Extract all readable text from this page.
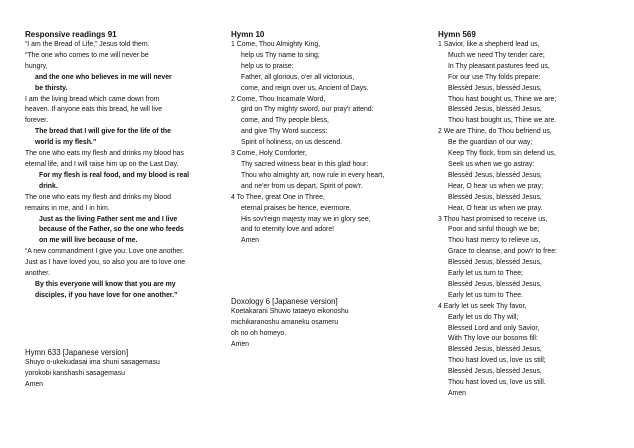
Responsive readings 91
“I am the Bread of Life,” Jesus told them.
“The one who comes to me will never be
hungry,
and the one who believes in me will never
be thirsty.
I am the living bread which came down from
heaven. If anyone eats this bread, he will live
forever.
The bread that I will give for the life of the
world is my flesh.”
The one who eats my flesh and drinks my blood has
eternal life, and I will raise him up on the Last Day.
For my flesh is real food, and my blood is real
drink.
The one who eats my flesh and drinks my blood
remains in me, and I in him.
Just as the living Father sent me and I live
because of the Father, so the one who feeds
on me will live because of me.
“A new commandment I give you: Love one another.
Just as I have loved you, so also you are to love one
another.
By this everyone will know that you are my
disciples, if you have love for one another.”
Hymn 633 [Japanese version]
Shuyo o-ukekudasai ima shuni sasagemasu
yorokobi kanshashi sasagemasu
Amen
Hymn 10
1 Come, Thou Almighty King,
help us Thy name to sing;
help us to praise:
Father, all glorious, o'er all victorious,
come, and reign over us, Ancient of Days.
2 Come, Thou Incarnate Word,
gird on Thy mighty sword, our pray'r attend:
come, and Thy people bless,
and give Thy Word success:
Spirit of holiness, on us descend.
3 Come, Holy Comforter,
Thy sacred witness bear in this glad hour:
Thou who almighty art, now rule in every heart,
and ne'er from us depart, Spirit of pow'r.
4 To Thee, great One in Three,
eternal praises be hence, evermore.
His sov'reign majesty may we in glory see,
and to eternity love and adore!
Amen
Doxology 6 [Japanese version]
Koetakarani Shuwo tataeyo eikonoshu
michikaranoshu amaneku osameru
oh no oh homeyo.
Amen
Hymn 569
1 Savior, like a shepherd lead us,
Much we need Thy tender care;
In Thy pleasant pastures feed us,
For our use Thy folds prepare:
Blessèd Jesus, blessèd Jesus,
Thou hast bought us, Thine we are;
Blessèd Jesus, blessèd Jesus,
Thou hast bought us, Thine we are.
2 We are Thine, do Thou befriend us,
Be the guardian of our way;
Keep Thy flock, from sin defend us,
Seek us when we go astray:
Blessèd Jesus, blessèd Jesus,
Hear, O hear us when we pray;
Blessèd Jesus, blessèd Jesus,
Hear, O hear us when we pray.
3 Thou hast promised to receive us,
Poor and sinful though we be;
Thou hast mercy to relieve us,
Grace to cleanse, and pow'r to free:
Blessèd Jesus, blessèd Jesus,
Early let us turn to Thee;
Blessèd Jesus, blessèd Jesus,
Early let us turn to Thee.
4 Early let us seek Thy favor,
Early let us do Thy will;
Blessed Lord and only Savior,
With Thy love our bosoms fill:
Blessèd Jesus, blessèd Jesus,
Thou hast loved us, love us still;
Blessèd Jesus, blessèd Jesus,
Thou hast loved us, love us still.
Amen
